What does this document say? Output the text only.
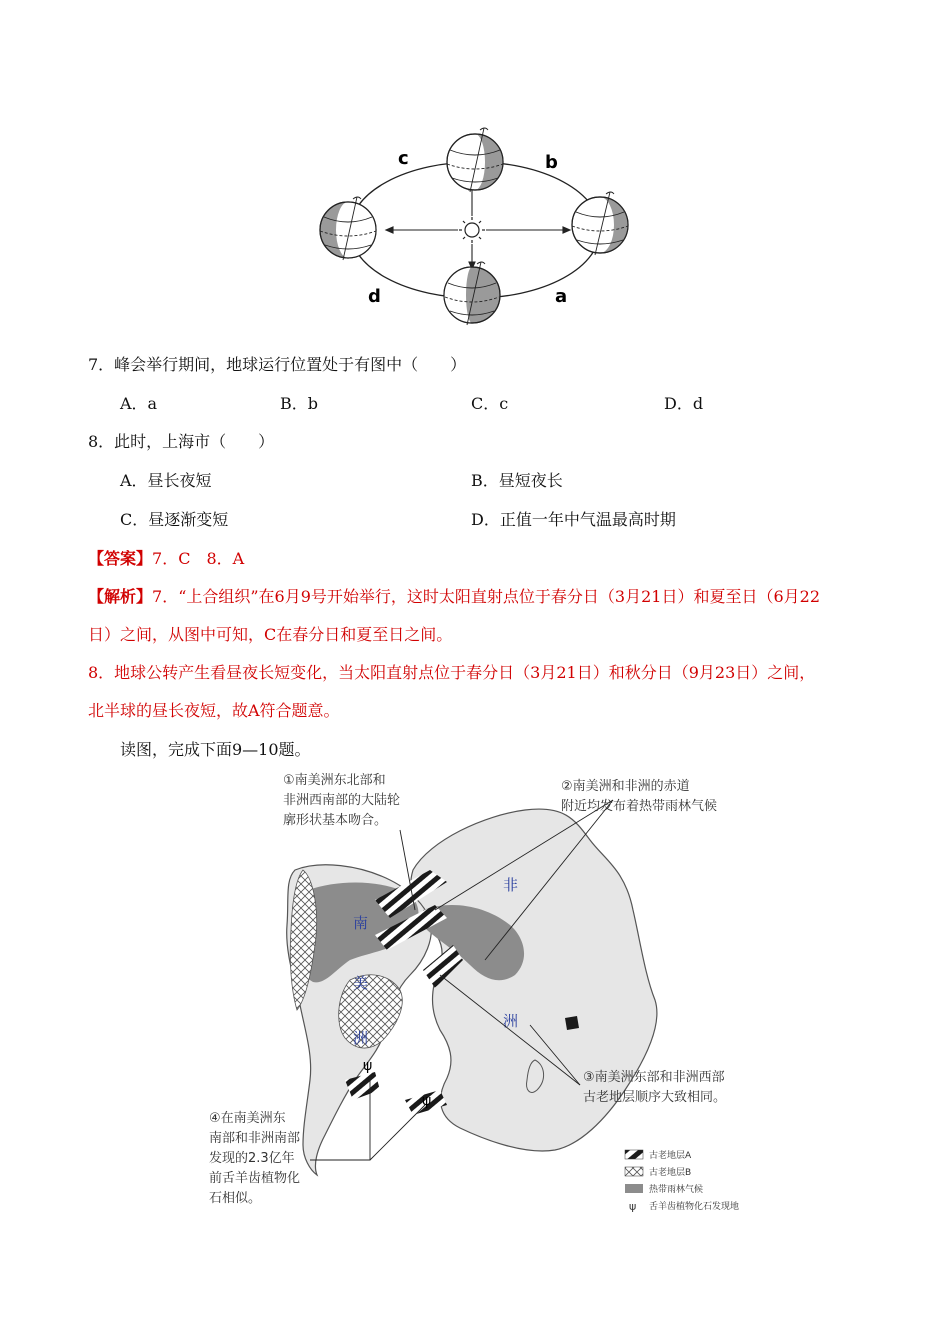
c	b
d	a
7．峰会举行期间，地球运行位置处于有图中（　　）
A．a	B．b	C．c	D．d
8．此时，上海市（　　）
A．昼长夜短	B．昼短夜长
C．昼逐渐变短	D．正值一年中气温最高时期
【答案】7．C　8．A
【解析】7．“上合组织”在6月9号开始举行，这时太阳直射点位于春分日（3月21日）和夏至日（6月22
日）之间，从图中可知，C在春分日和夏至日之间。
8．地球公转产生看昼夜长短变化，当太阳直射点位于春分日（3月21日）和秋分日（9月23日）之间，
北半球的昼长夜短，故A符合题意。
读图，完成下面9—10题。
ψ
ψ
南
美
洲
非
洲
①南美洲东北部和
非洲西南部的大陆轮
廓形状基本吻合。
②南美洲和非洲的赤道
附近均发布着热带雨林气候
③南美洲东部和非洲西部
古老地层顺序大致相同。
④在南美洲东
南部和非洲南部
发现的2.3亿年
前舌羊齿植物化
石相似。
古老地层A
古老地层B
热带雨林气候
ψ 舌羊齿植物化石发现地
